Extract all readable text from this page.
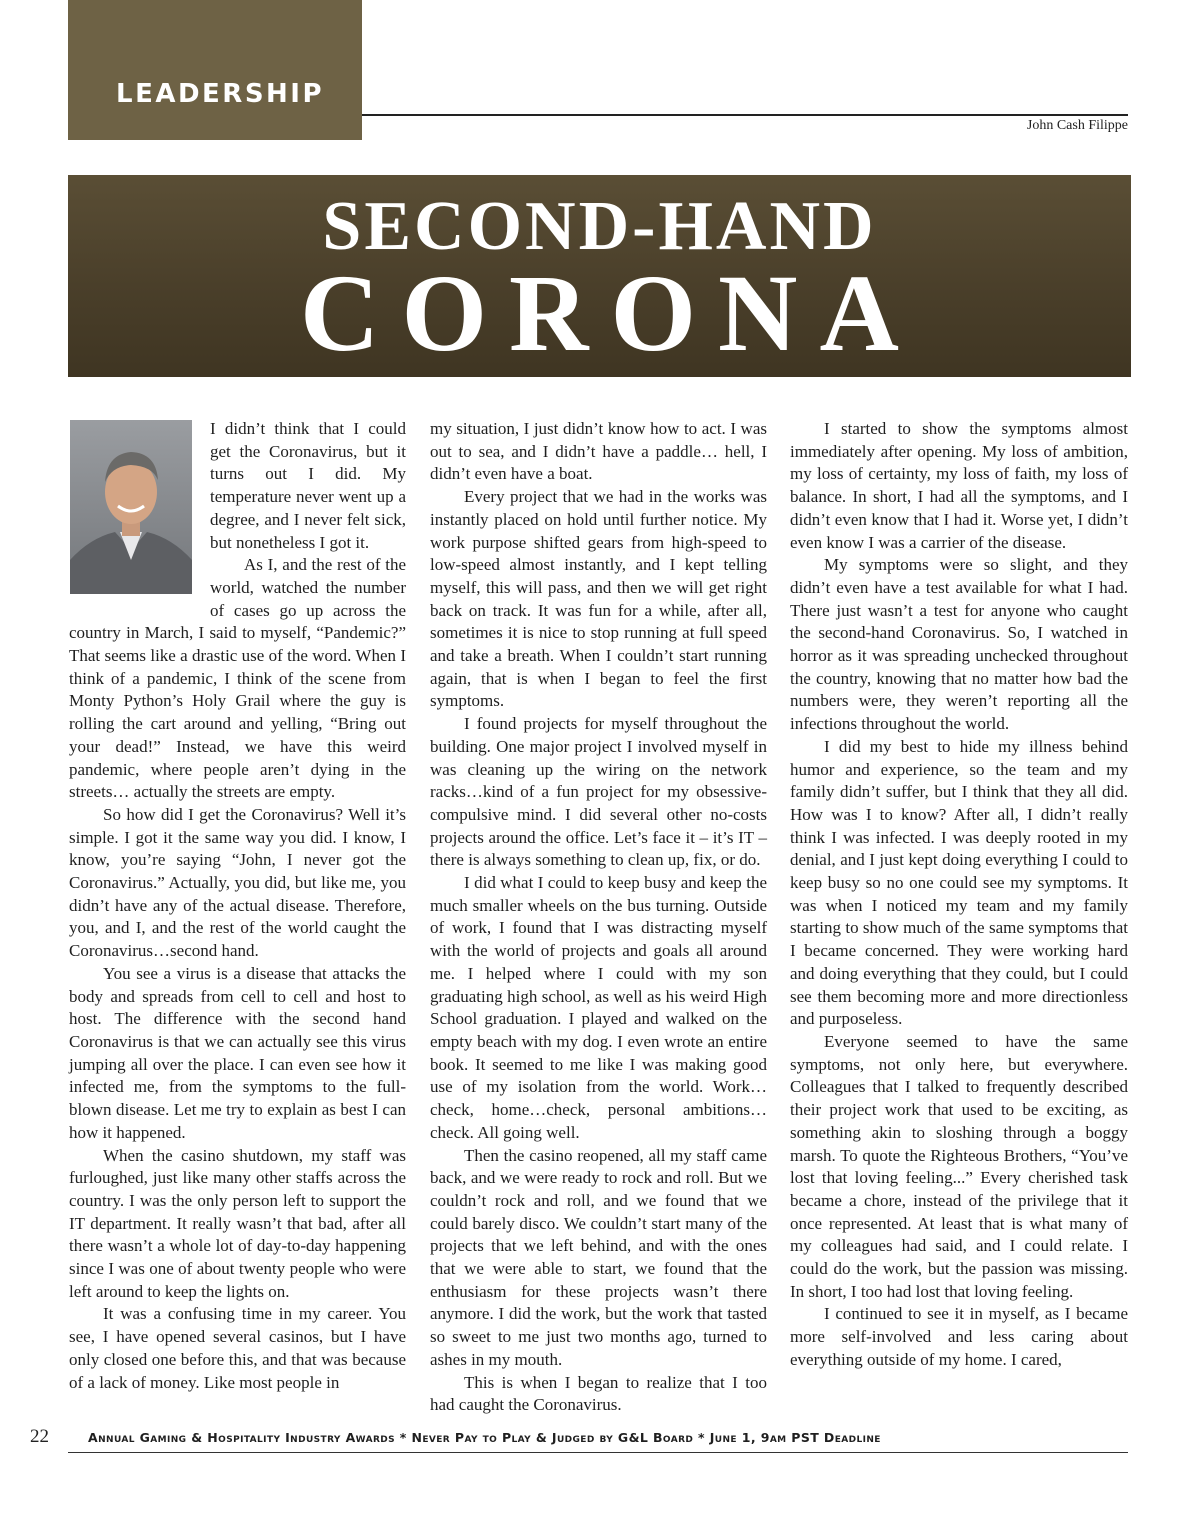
LEADERSHIP
John Cash Filippe
SECOND-HAND
CORONA

I didn’t think that I could get the Coronavirus, but it turns out I did. My temperature never went up a degree, and I never felt sick, but nonetheless I got it.

As I, and the rest of the world, watched the number of cases go up across the country in March, I said to myself, “Pandemic?” That seems like a drastic use of the word. When I think of a pandemic, I think of the scene from Monty Python’s Holy Grail where the guy is rolling the cart around and yelling, “Bring out your dead!” Instead, we have this weird pandemic, where people aren’t dying in the streets… actually the streets are empty.

So how did I get the Coronavirus? Well it’s simple. I got it the same way you did. I know, I know, you’re saying “John, I never got the Coronavirus.” Actually, you did, but like me, you didn’t have any of the actual disease. Therefore, you, and I, and the rest of the world caught the Coronavirus…second hand.

You see a virus is a disease that attacks the body and spreads from cell to cell and host to host. The difference with the second hand Coronavirus is that we can actually see this virus jumping all over the place. I can even see how it infected me, from the symptoms to the full-blown disease. Let me try to explain as best I can how it happened.

When the casino shutdown, my staff was furloughed, just like many other staffs across the country. I was the only person left to support the IT department. It really wasn’t that bad, after all there wasn’t a whole lot of day-to-day happening since I was one of about twenty people who were left around to keep the lights on.

It was a confusing time in my career. You see, I have opened several casinos, but I have only closed one before this, and that was because of a lack of money. Like most people in

my situation, I just didn’t know how to act. I was out to sea, and I didn’t have a paddle… hell, I didn’t even have a boat.

Every project that we had in the works was instantly placed on hold until further notice. My work purpose shifted gears from high-speed to low-speed almost instantly, and I kept telling myself, this will pass, and then we will get right back on track. It was fun for a while, after all, sometimes it is nice to stop running at full speed and take a breath. When I couldn’t start running again, that is when I began to feel the first symptoms.

I found projects for myself throughout the building. One major project I involved myself in was cleaning up the wiring on the network racks…kind of a fun project for my obsessive-compulsive mind. I did several other no-costs projects around the office. Let’s face it – it’s IT – there is always something to clean up, fix, or do.

I did what I could to keep busy and keep the much smaller wheels on the bus turning. Outside of work, I found that I was distracting myself with the world of projects and goals all around me. I helped where I could with my son graduating high school, as well as his weird High School graduation. I played and walked on the empty beach with my dog. I even wrote an entire book. It seemed to me like I was making good use of my isolation from the world. Work…check, home…check, personal ambitions…check. All going well.

Then the casino reopened, all my staff came back, and we were ready to rock and roll. But we couldn’t rock and roll, and we found that we could barely disco. We couldn’t start many of the projects that we left behind, and with the ones that we were able to start, we found that the enthusiasm for these projects wasn’t there anymore. I did the work, but the work that tasted so sweet to me just two months ago, turned to ashes in my mouth.

This is when I began to realize that I too had caught the Coronavirus.

I started to show the symptoms almost immediately after opening. My loss of ambition, my loss of certainty, my loss of faith, my loss of balance. In short, I had all the symptoms, and I didn’t even know that I had it. Worse yet, I didn’t even know I was a carrier of the disease.

My symptoms were so slight, and they didn’t even have a test available for what I had. There just wasn’t a test for anyone who caught the second-hand Coronavirus. So, I watched in horror as it was spreading unchecked throughout the country, knowing that no matter how bad the numbers were, they weren’t reporting all the infections throughout the world.

I did my best to hide my illness behind humor and experience, so the team and my family didn’t suffer, but I think that they all did. How was I to know? After all, I didn’t really think I was infected. I was deeply rooted in my denial, and I just kept doing everything I could to keep busy so no one could see my symptoms. It was when I noticed my team and my family starting to show much of the same symptoms that I became concerned. They were working hard and doing everything that they could, but I could see them becoming more and more directionless and purposeless.

Everyone seemed to have the same symptoms, not only here, but everywhere. Colleagues that I talked to frequently described their project work that used to be exciting, as something akin to sloshing through a boggy marsh. To quote the Righteous Brothers, “You’ve lost that loving feeling...” Every cherished task became a chore, instead of the privilege that it once represented. At least that is what many of my colleagues had said, and I could relate. I could do the work, but the passion was missing. In short, I too had lost that loving feeling.

I continued to see it in myself, as I became more self-involved and less caring about everything outside of my home. I cared,

22	Annual Gaming & Hospitality Industry Awards * Never Pay to Play & Judged by G&L Board * June 1, 9am PST Deadline
